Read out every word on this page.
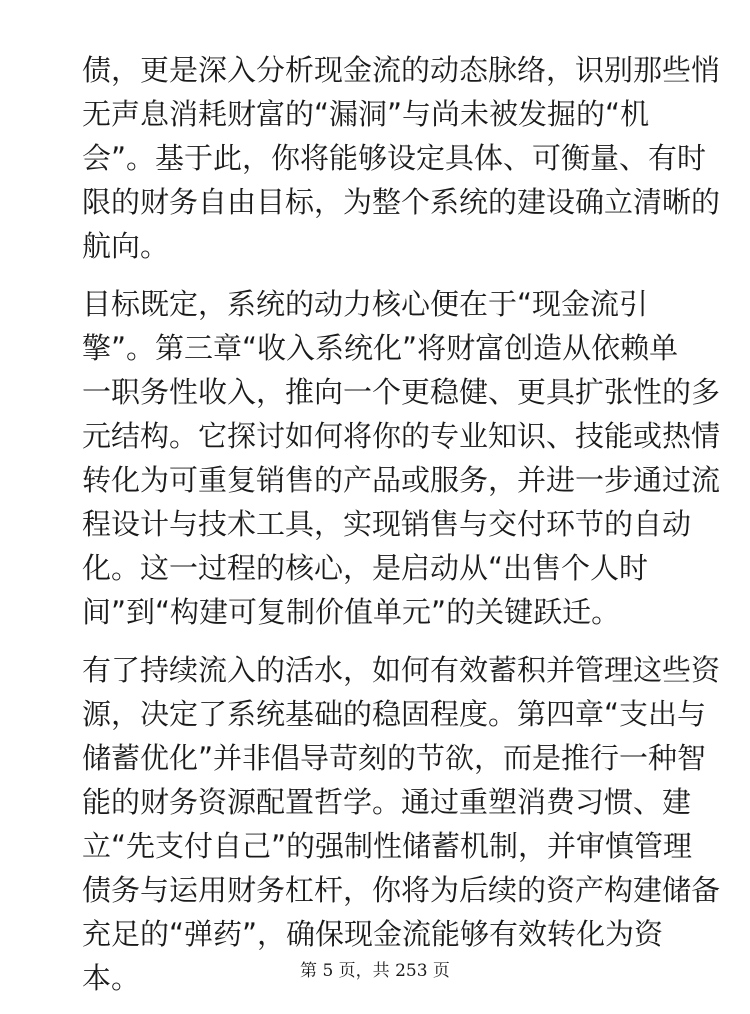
债，更是深入分析现金流的动态脉络，识别那些悄
无声息消耗财富的“漏洞”与尚未被发掘的“机
会”。基于此，你将能够设定具体、可衡量、有时
限的财务自由目标，为整个系统的建设确立清晰的
航向。

目标既定，系统的动力核心便在于“现金流引
擎”。第三章“收入系统化”将财富创造从依赖单
一职务性收入，推向一个更稳健、更具扩张性的多
元结构。它探讨如何将你的专业知识、技能或热情
转化为可重复销售的产品或服务，并进一步通过流
程设计与技术工具，实现销售与交付环节的自动
化。这一过程的核心，是启动从“出售个人时
间”到“构建可复制价值单元”的关键跃迁。

有了持续流入的活水，如何有效蓄积并管理这些资
源，决定了系统基础的稳固程度。第四章“支出与
储蓄优化”并非倡导苛刻的节欲，而是推行一种智
能的财务资源配置哲学。通过重塑消费习惯、建
立“先支付自己”的强制性储蓄机制，并审慎管理
债务与运用财务杠杆，你将为后续的资产构建储备
充足的“弹药”，确保现金流能够有效转化为资
本。	第 5 页，共 253 页
